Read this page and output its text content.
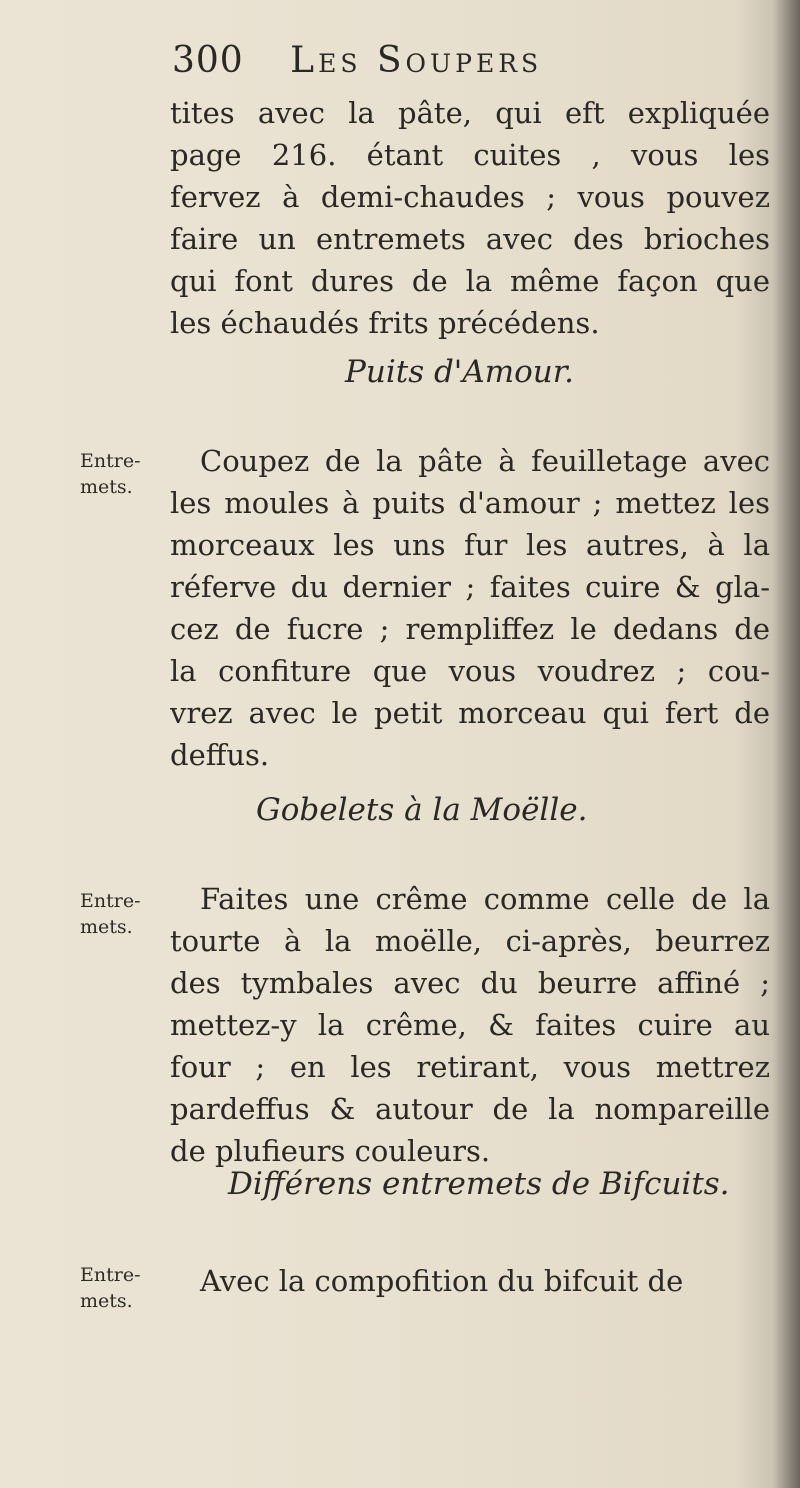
300 Les Soupers

tites avec la pâte, qui eft expliquée
page 216. étant cuites , vous les
fervez à demi-chaudes ; vous pouvez
faire un entremets avec des brioches
qui font dures de la même façon que
les échaudés frits précédens.

Puits d'Amour.
Entre-
mets.

Coupez de la pâte à feuilletage avec
les moules à puits d'amour ; mettez les
morceaux les uns fur les autres, à la
réferve du dernier ; faites cuire & gla-
cez de fucre ; rempliffez le dedans de
la confiture que vous voudrez ; cou-
vrez avec le petit morceau qui fert de
deffus.

Gobelets à la Moëlle.
Entre-
mets.

Faites une crême comme celle de la
tourte à la moëlle, ci-après, beurrez
des tymbales avec du beurre affiné ;
mettez-y la crême, & faites cuire au
four ; en les retirant, vous mettrez
pardeffus & autour de la nompareille
de plufieurs couleurs.

Différens entremets de Bifcuits.
Entre-
mets.

Avec la compofition du bifcuit de
